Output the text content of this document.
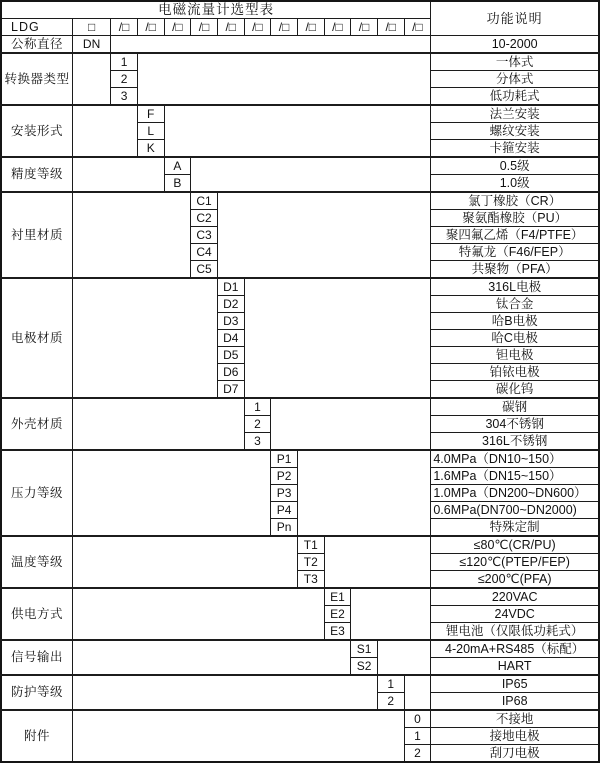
电磁流量计选型表														功能说明
LDG	□	/□	/□	/□	/□	/□	/□	/□	/□	/□	/□	/□	/□	
公称直径	DN													10-2000
转换器类型		1												一体式
		2												分体式
		3												低功耗式
安装形式			F											法兰安装
			L											螺纹安装
			K											卡箍安装
精度等级				A										0.5级
				B										1.0级
衬里材质					C1									氯丁橡胶（CR）
					C2									聚氨酯橡胶（PU）
					C3									聚四氟乙烯（F4/PTFE）
					C4									特氟龙（F46/FEP）
					C5									共聚物（PFA）
电极材质						D1								316L电极
						D2								钛合金
						D3								哈B电极
						D4								哈C电极
						D5								钽电极
						D6								铂铱电极
						D7								碳化钨
外壳材质							1							碳钢
							2							304不锈钢
							3							316L不锈钢
压力等级								P1						4.0MPa（DN10~150）
								P2						1.6MPa（DN15~150）
								P3						1.0MPa（DN200~DN600）
								P4						0.6MPa(DN700~DN2000)
								Pn						特殊定制
温度等级									T1					≤80℃(CR/PU)
									T2					≤120℃(PTEP/FEP)
									T3					≤200℃(PFA)
供电方式										E1				220VAC
										E2				24VDC
										E3				锂电池（仅限低功耗式）
信号输出											S1			4-20mA+RS485（标配）
											S2			HART
防护等级												1		IP65
												2		IP68
附件													0	不接地
													1	接地电极
													2	刮刀电极
